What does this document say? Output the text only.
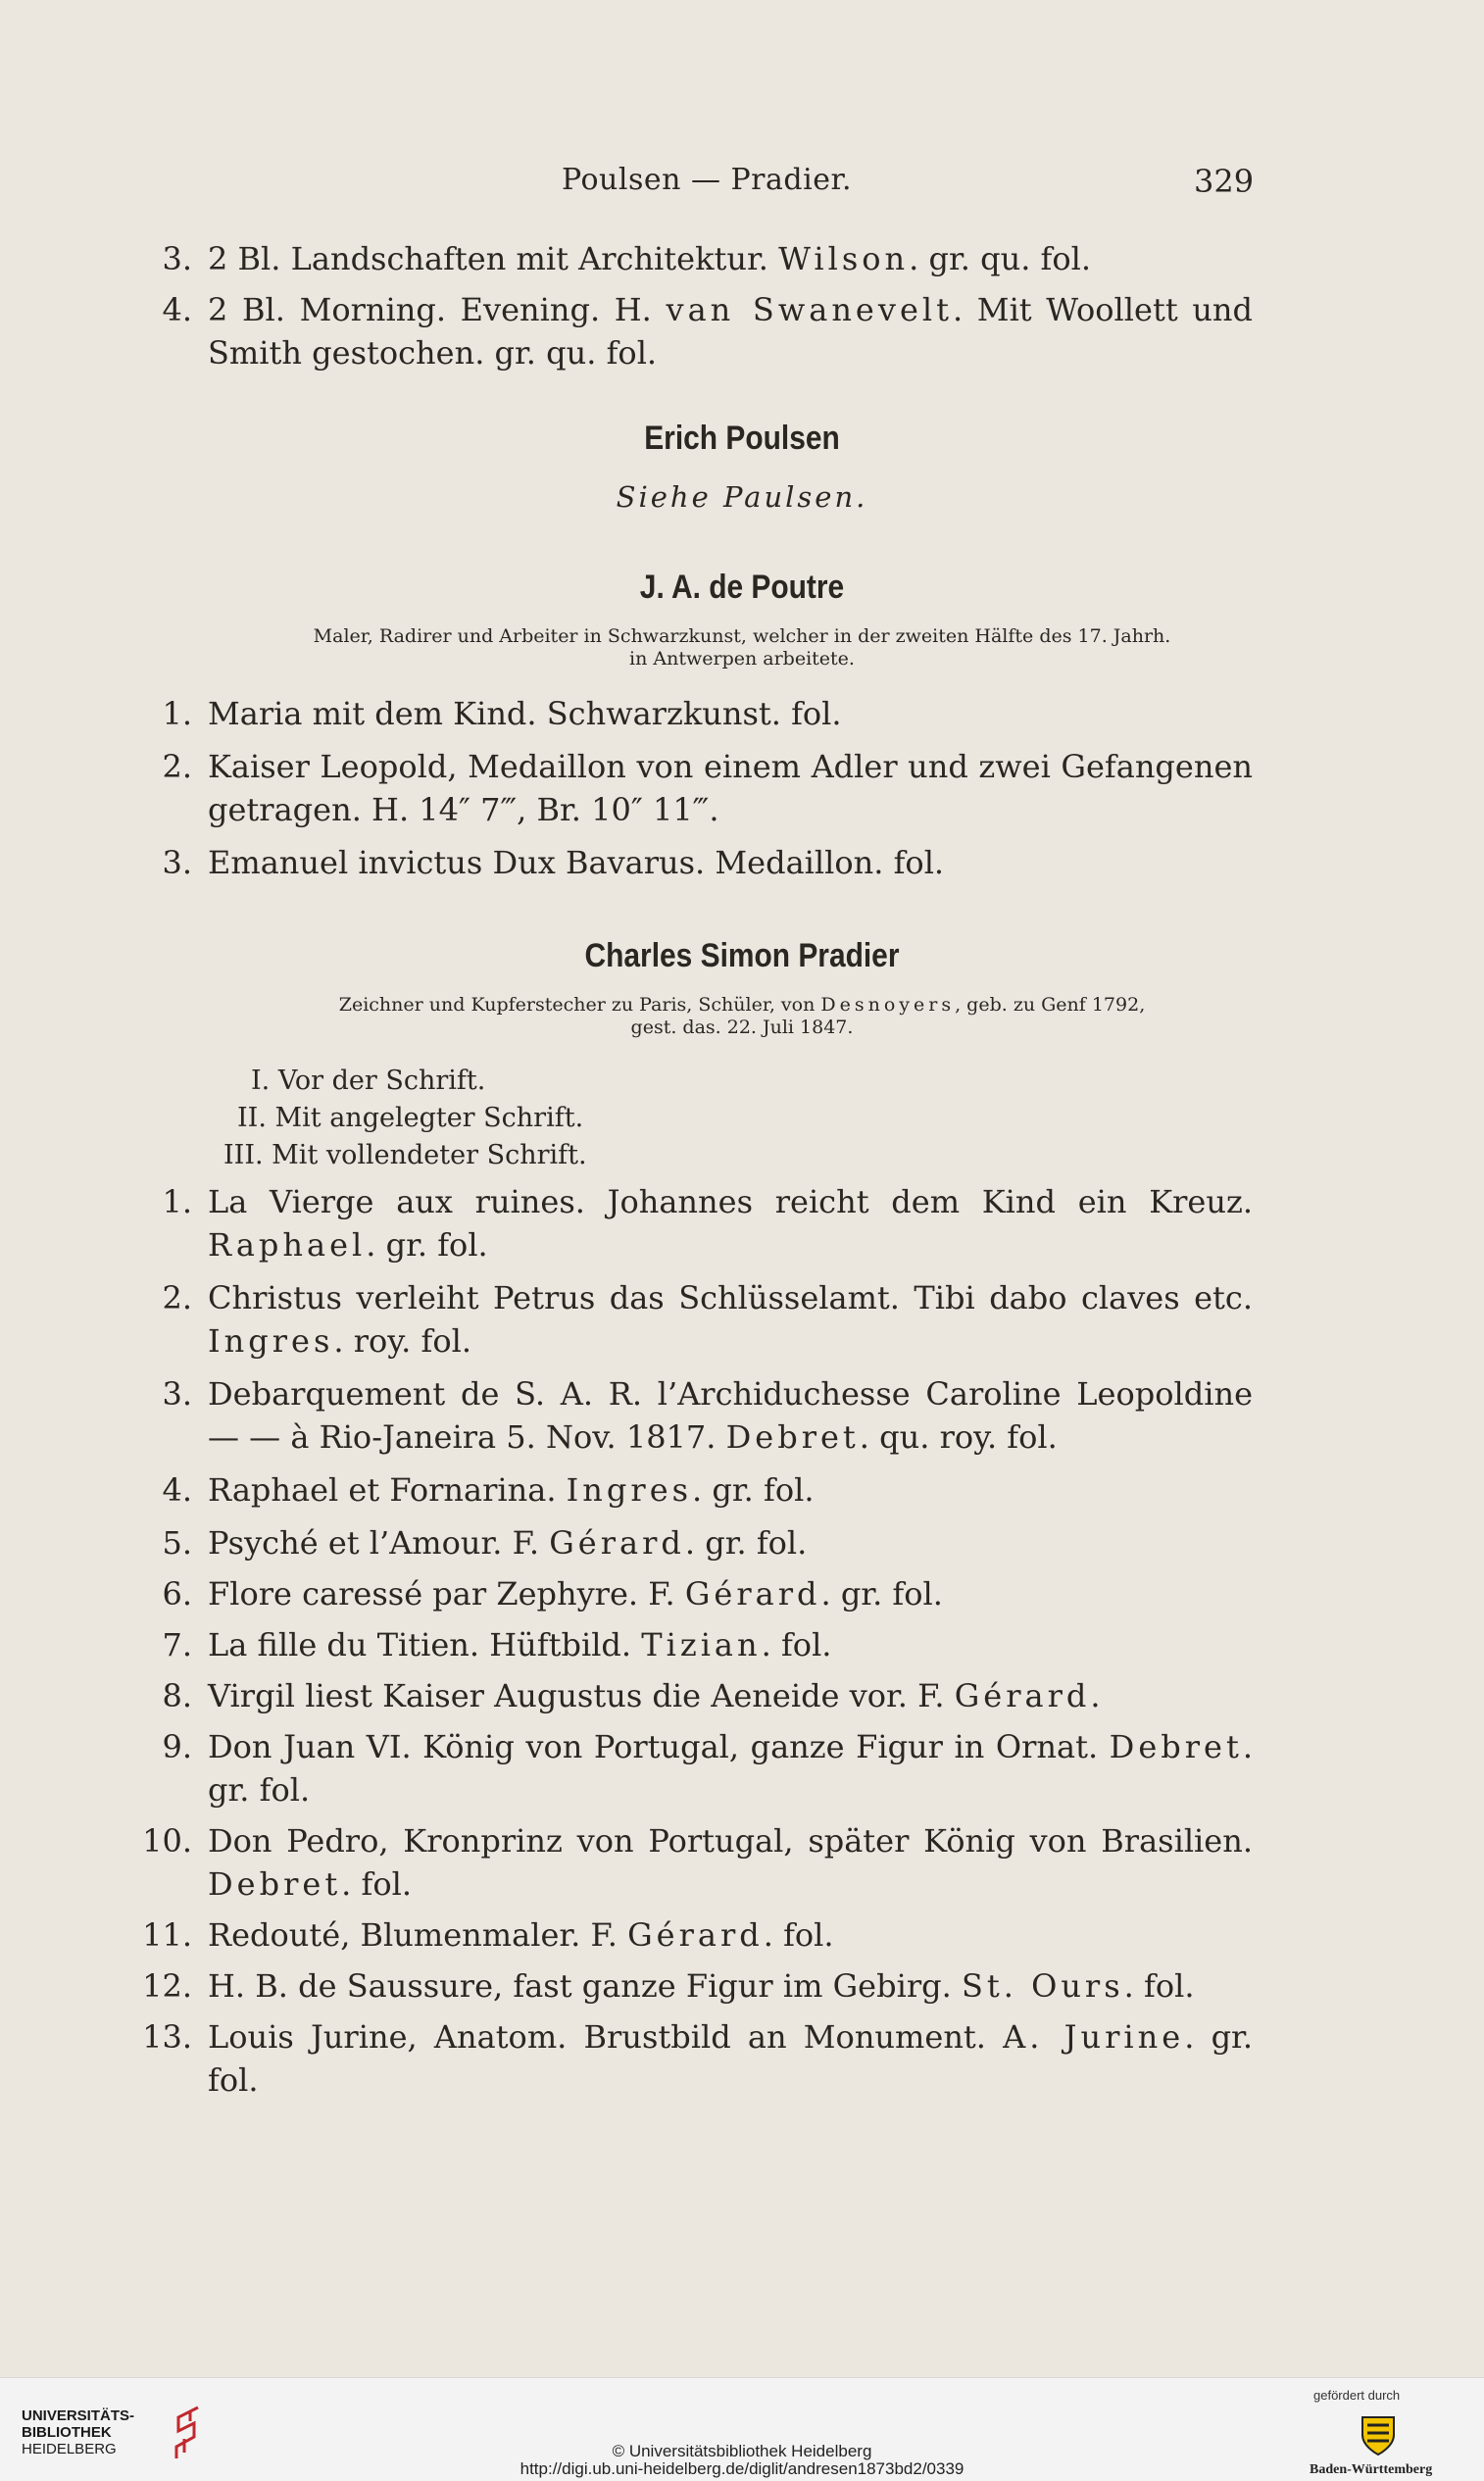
Poulsen — Pradier.	329
3. 2 Bl. Landschaften mit Architektur. Wilson. gr. qu. fol.
4. 2 Bl. Morning. Evening. H. van Swanevelt. Mit Woollett und Smith gestochen. gr. qu. fol.
Erich Poulsen
Siehe Paulsen.
J. A. de Poutre
Maler, Radirer und Arbeiter in Schwarzkunst, welcher in der zweiten Hälfte des 17. Jahrh.
in Antwerpen arbeitete.
1. Maria mit dem Kind. Schwarzkunst. fol.
2. Kaiser Leopold, Medaillon von einem Adler und zwei Gefangenen getragen. H. 14″ 7‴, Br. 10″ 11‴.
3. Emanuel invictus Dux Bavarus. Medaillon. fol.
Charles Simon Pradier
Zeichner und Kupferstecher zu Paris, Schüler, von Desnoyers, geb. zu Genf 1792,
gest. das. 22. Juli 1847.
I. Vor der Schrift.
II. Mit angelegter Schrift.
III. Mit vollendeter Schrift.
1. La Vierge aux ruines. Johannes reicht dem Kind ein Kreuz. Raphael. gr. fol.
2. Christus verleiht Petrus das Schlüsselamt. Tibi dabo claves etc. Ingres. roy. fol.
3. Debarquement de S. A. R. l’Archiduchesse Caroline Leopoldine — — à Rio-Janeira 5. Nov. 1817. Debret. qu. roy. fol.
4. Raphael et Fornarina. Ingres. gr. fol.
5. Psyché et l’Amour. F. Gérard. gr. fol.
6. Flore caressé par Zephyre. F. Gérard. gr. fol.
7. La fille du Titien. Hüftbild. Tizian. fol.
8. Virgil liest Kaiser Augustus die Aeneide vor. F. Gérard.
9. Don Juan VI. König von Portugal, ganze Figur in Ornat. Debret. gr. fol.
10. Don Pedro, Kronprinz von Portugal, später König von Brasilien. Debret. fol.
11. Redouté, Blumenmaler. F. Gérard. fol.
12. H. B. de Saussure, fast ganze Figur im Gebirg. St. Ours. fol.
13. Louis Jurine, Anatom. Brustbild an Monument. A. Jurine. gr. fol.
UNIVERSITÄTS-
BIBLIOTHEK
HEIDELBERG	© Universitätsbibliothek Heidelberg
http://digi.ub.uni-heidelberg.de/diglit/andresen1873bd2/0339
gefördert durch
Baden-Württemberg
